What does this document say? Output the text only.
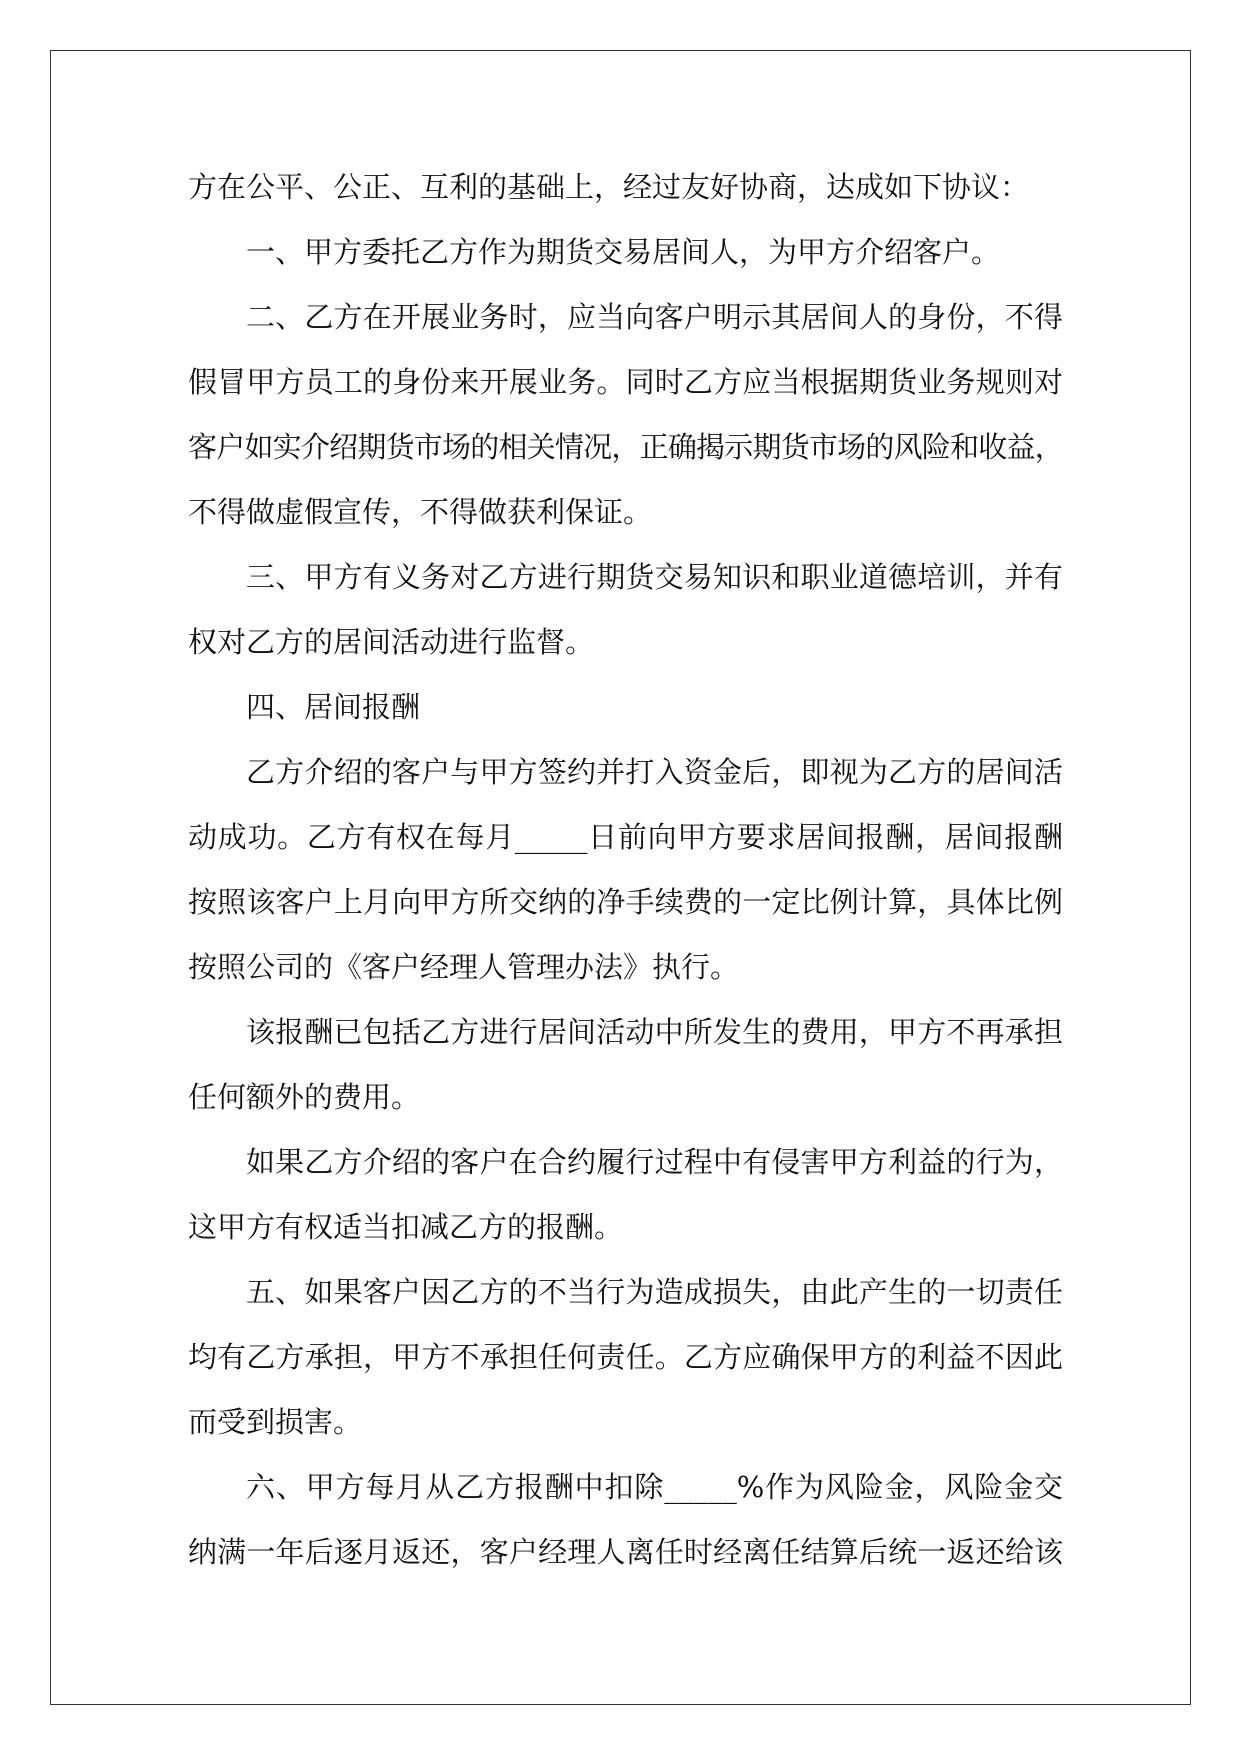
方在公平、公正、互利的基础上，经过友好协商，达成如下协议：
一、甲方委托乙方作为期货交易居间人，为甲方介绍客户。
二、乙方在开展业务时，应当向客户明示其居间人的身份，不得
假冒甲方员工的身份来开展业务。同时乙方应当根据期货业务规则对
客户如实介绍期货市场的相关情况，正确揭示期货市场的风险和收益，
不得做虚假宣传，不得做获利保证。
三、甲方有义务对乙方进行期货交易知识和职业道德培训，并有
权对乙方的居间活动进行监督。
四、居间报酬
乙方介绍的客户与甲方签约并打入资金后，即视为乙方的居间活
动成功。乙方有权在每月_____日前向甲方要求居间报酬，居间报酬
按照该客户上月向甲方所交纳的净手续费的一定比例计算，具体比例
按照公司的《客户经理人管理办法》执行。
该报酬已包括乙方进行居间活动中所发生的费用，甲方不再承担
任何额外的费用。
如果乙方介绍的客户在合约履行过程中有侵害甲方利益的行为，
这甲方有权适当扣减乙方的报酬。
五、如果客户因乙方的不当行为造成损失，由此产生的一切责任
均有乙方承担，甲方不承担任何责任。乙方应确保甲方的利益不因此
而受到损害。
六、甲方每月从乙方报酬中扣除_____%作为风险金，风险金交
纳满一年后逐月返还，客户经理人离任时经离任结算后统一返还给该
